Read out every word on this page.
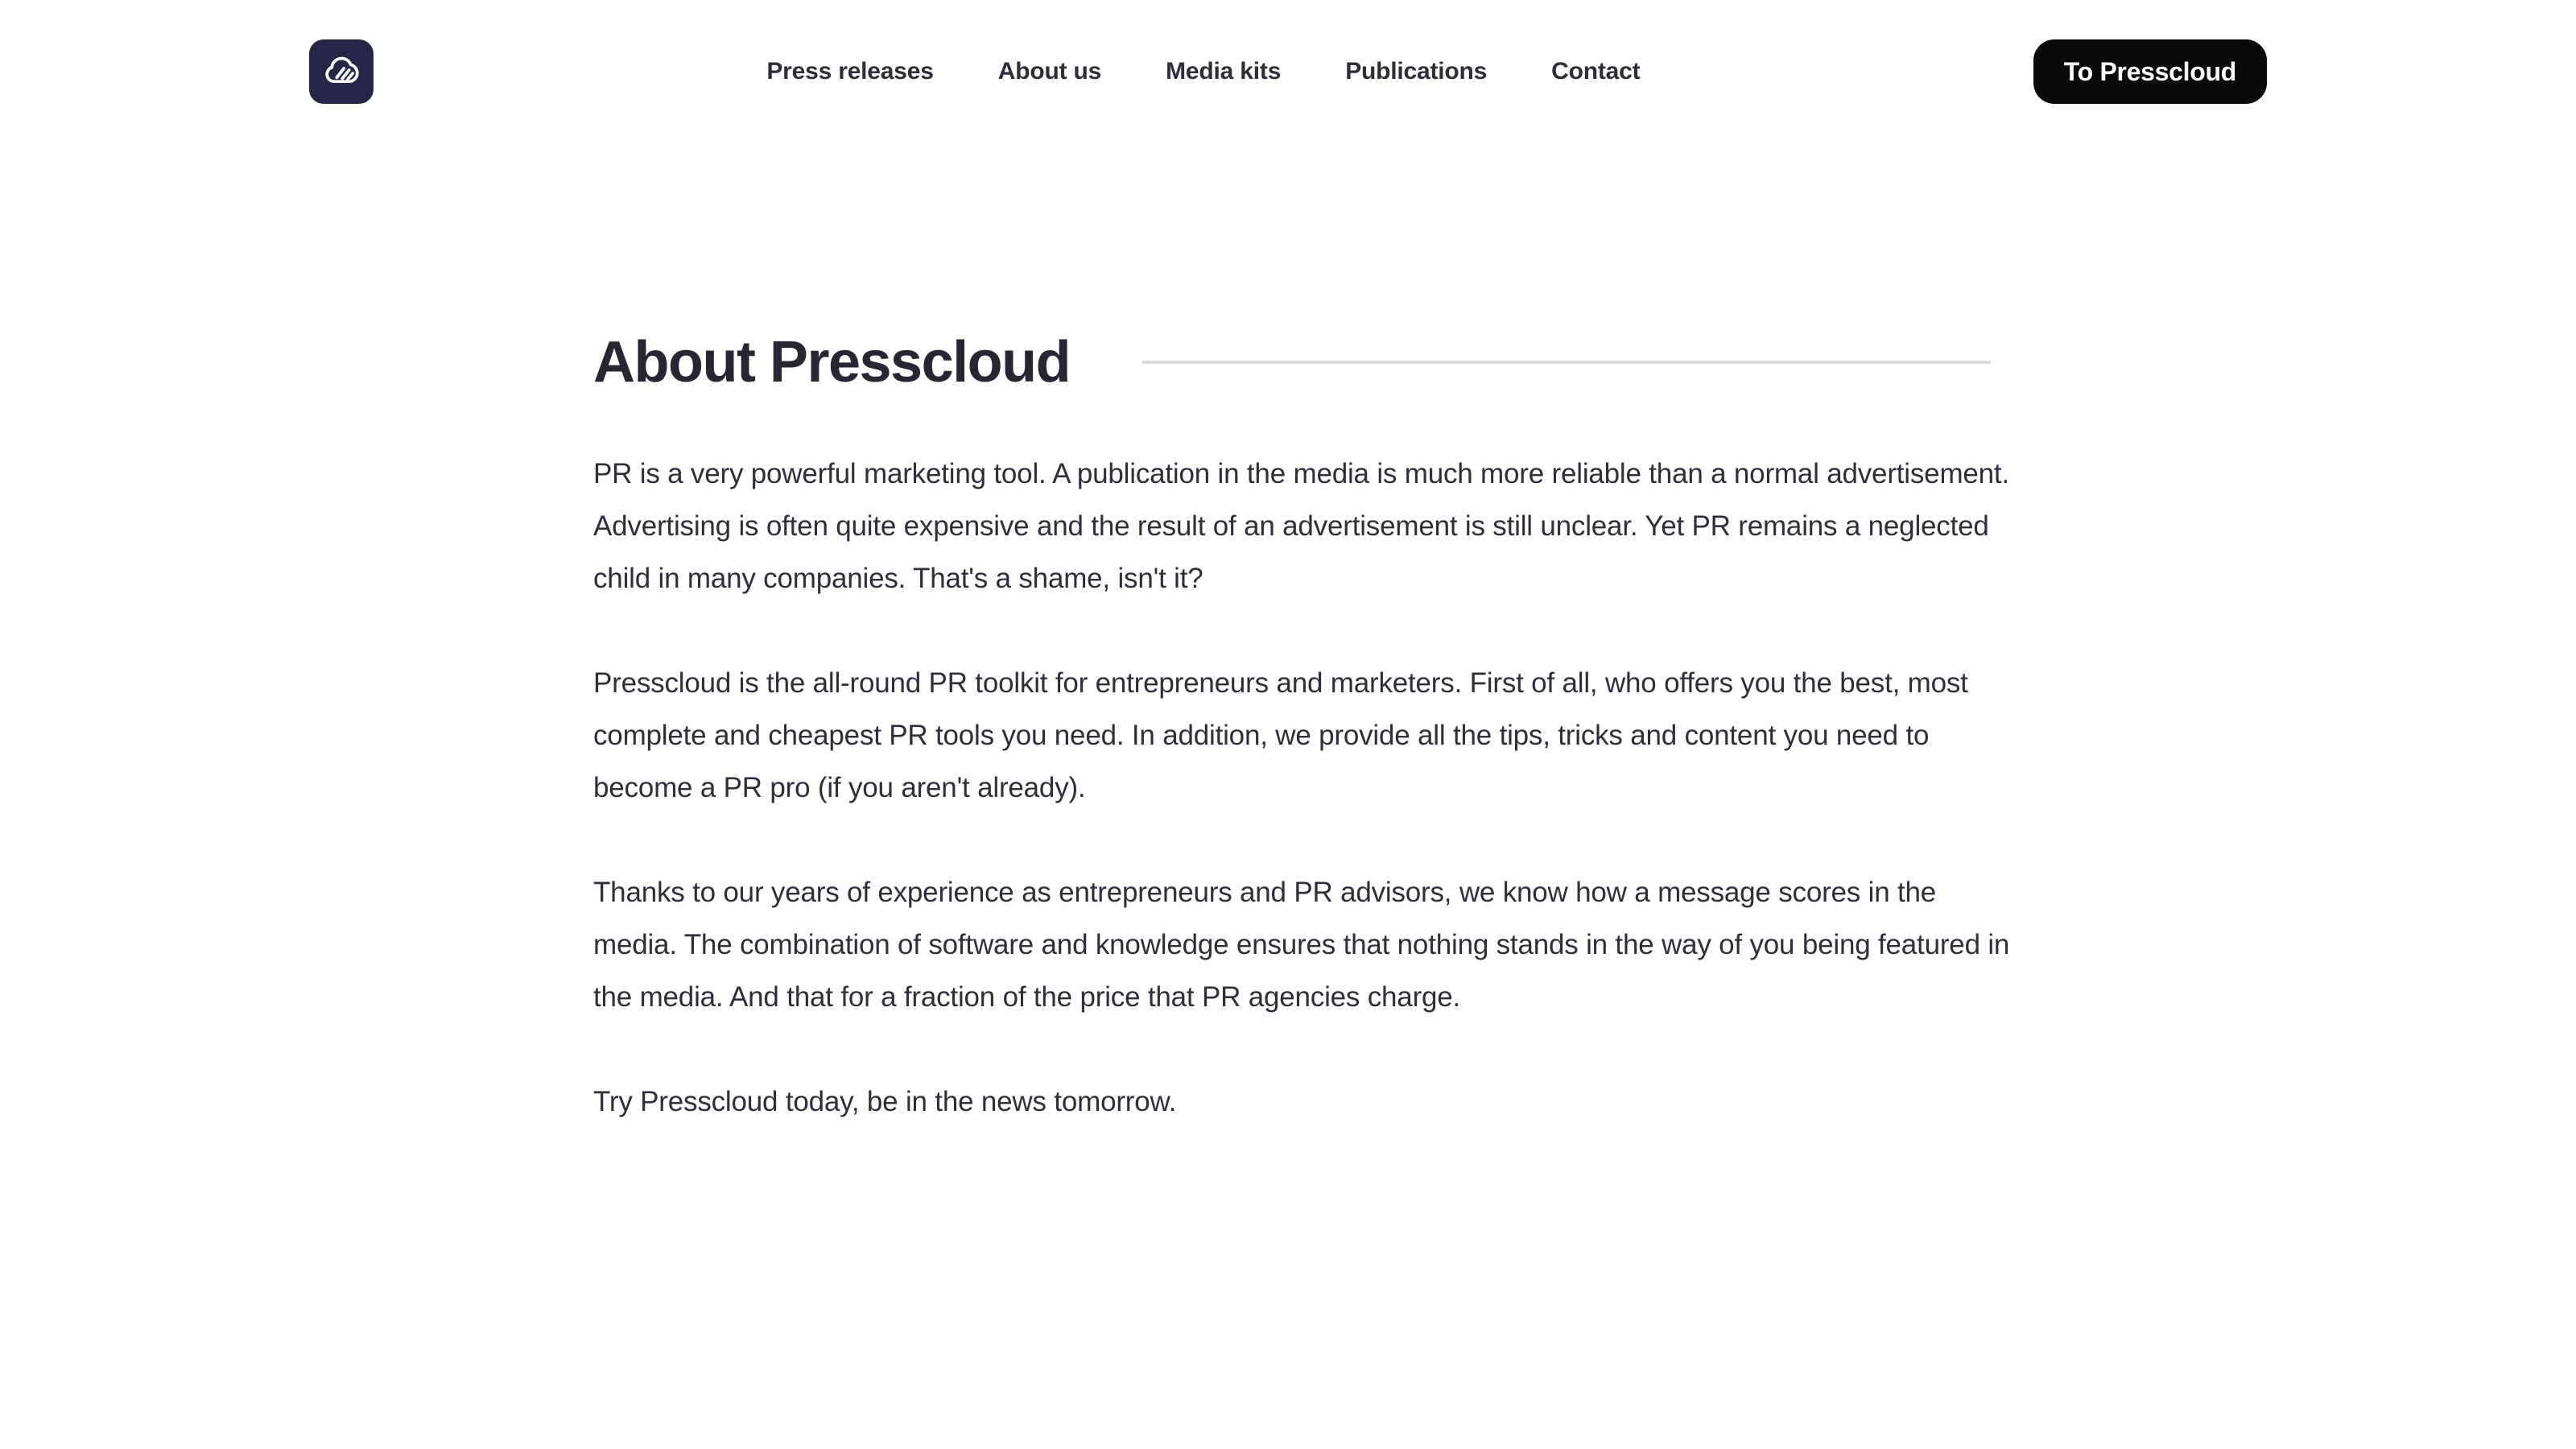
Press releases	About us	Media kits	Publications	Contact	To Presscloud
About Presscloud

PR is a very powerful marketing tool. A publication in the media is much more reliable than a normal advertisement. Advertising is often quite expensive and the result of an advertisement is still unclear. Yet PR remains a neglected child in many companies. That's a shame, isn't it?

Presscloud is the all-round PR toolkit for entrepreneurs and marketers. First of all, who offers you the best, most complete and cheapest PR tools you need. In addition, we provide all the tips, tricks and content you need to become a PR pro (if you aren't already).

Thanks to our years of experience as entrepreneurs and PR advisors, we know how a message scores in the media. The combination of software and knowledge ensures that nothing stands in the way of you being featured in the media. And that for a fraction of the price that PR agencies charge.

Try Presscloud today, be in the news tomorrow.
